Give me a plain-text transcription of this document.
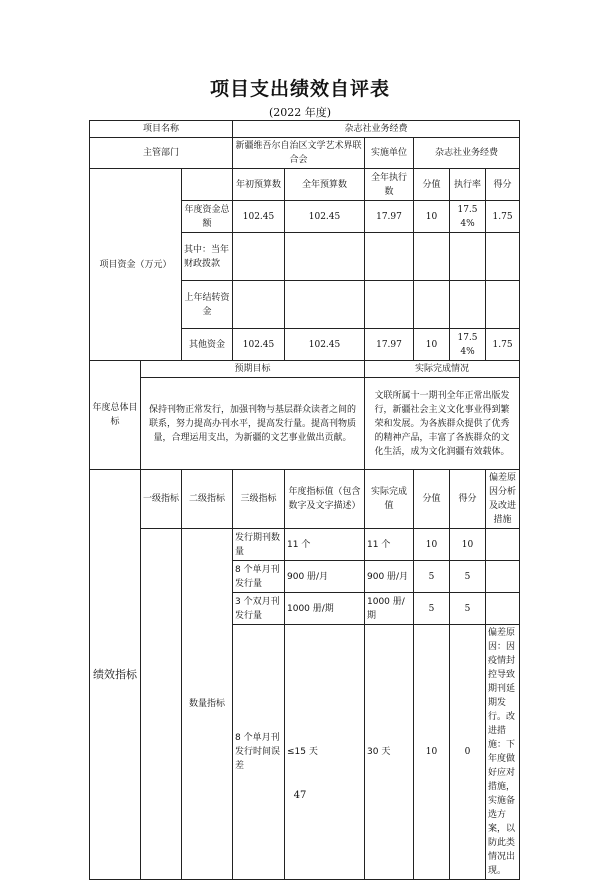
项目支出绩效自评表
(2022 年度)
项目名称			杂志社业务经费					
主管部门			新疆维吾尔自治区文学艺术界联合会		实施单位	杂志社业务经费		
项目资金（万元）			年初预算数	全年预算数	全年执行数	分值	执行率	得分
		年度资金总额	102.45	102.45	17.97	10	17.54%	1.75
		其中：当年财政拨款						
		上年结转资金						
		其他资金	102.45	102.45	17.97	10	17.54%	1.75
年度总体目标	预期目标				实际完成情况			
	保持刊物正常发行，加强刊物与基层群众读者之间的联系，努力提高办刊水平，提高发行量。提高刊物质量，合理运用支出，为新疆的文艺事业做出贡献。				文联所属十一期刊全年正常出版发行，新疆社会主义文化事业得到繁荣和发展。为各族群众提供了优秀的精神产品，丰富了各族群众的文化生活，成为文化润疆有效载体。			
绩效指标	一级指标	二级指标	三级指标	年度指标值（包含数字及文字描述）	实际完成值	分值	得分	偏差原因分析及改进措施
		数量指标	发行期刊数量	11 个	11 个	10	10	
			8 个单月刊发行量	900 册/月	900 册/月	5	5	
			3 个双月刊发行量	1000 册/期	1000 册/期	5	5	
			8 个单月刊发行时间误差	≤15 天	30 天	10	0	偏差原因：因疫情封控导致期刊延期发行。改进措施：下年度做好应对措施，实施备选方案，以防此类情况出现。
47
